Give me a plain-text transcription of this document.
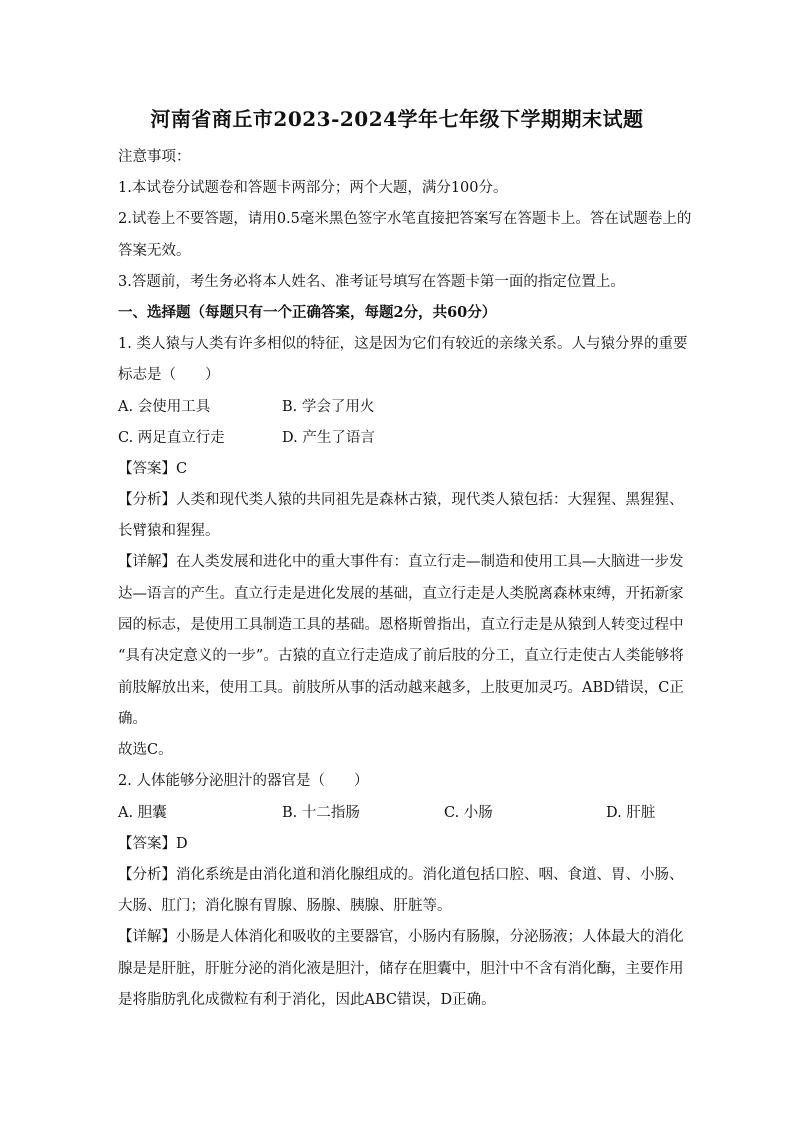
河南省商丘市2023-2024学年七年级下学期期末试题
注意事项：
1.本试卷分试题卷和答题卡两部分；两个大题，满分100分。
2.试卷上不要答题，请用0.5毫米黑色签字水笔直接把答案写在答题卡上。答在试题卷上的
答案无效。
3.答题前，考生务必将本人姓名、准考证号填写在答题卡第一面的指定位置上。
一、选择题（每题只有一个正确答案，每题2分，共60分）
1. 类人猿与人类有许多相似的特征，这是因为它们有较近的亲缘关系。人与猿分界的重要
标志是（　　）
A. 会使用工具	B. 学会了用火
C. 两足直立行走	D. 产生了语言
【答案】C
【分析】人类和现代类人猿的共同祖先是森林古猿，现代类人猿包括：大猩猩、黑猩猩、
长臂猿和猩猩。
【详解】在人类发展和进化中的重大事件有：直立行走—制造和使用工具—大脑进一步发
达—语言的产生。直立行走是进化发展的基础，直立行走是人类脱离森林束缚，开拓新家
园的标志，是使用工具制造工具的基础。恩格斯曾指出，直立行走是从猿到人转变过程中
“具有决定意义的一步”。古猿的直立行走造成了前后肢的分工，直立行走使古人类能够将
前肢解放出来，使用工具。前肢所从事的活动越来越多，上肢更加灵巧。ABD错误，C正
确。
故选C。
2. 人体能够分泌胆汁的器官是（　　）
A. 胆囊	B. 十二指肠	C. 小肠	D. 肝脏
【答案】D
【分析】消化系统是由消化道和消化腺组成的。消化道包括口腔、咽、食道、胃、小肠、
大肠、肛门；消化腺有胃腺、肠腺、胰腺、肝脏等。
【详解】小肠是人体消化和吸收的主要器官，小肠内有肠腺，分泌肠液；人体最大的消化
腺是是肝脏，肝脏分泌的消化液是胆汁，储存在胆囊中，胆汁中不含有消化酶，主要作用
是将脂肪乳化成微粒有利于消化，因此ABC错误，D正确。
